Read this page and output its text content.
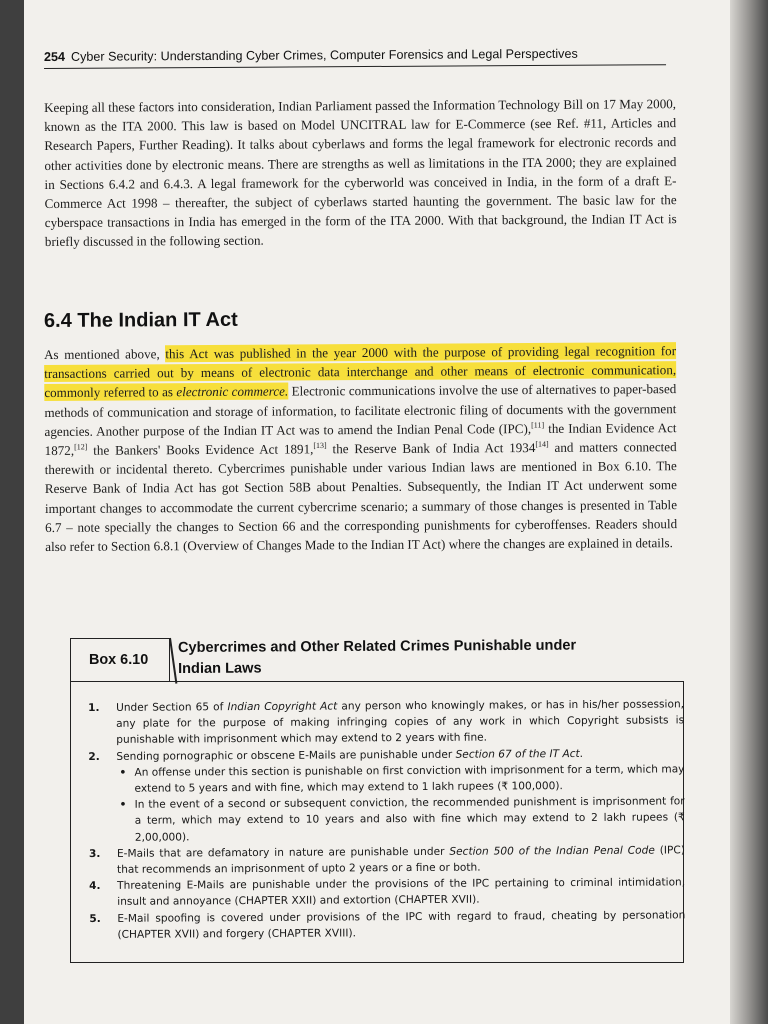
254 Cyber Security: Understanding Cyber Crimes, Computer Forensics and Legal Perspectives
Keeping all these factors into consideration, Indian Parliament passed the Information Technology Bill on 17 May 2000, known as the ITA 2000. This law is based on Model UNCITRAL law for E-Commerce (see Ref. #11, Articles and Research Papers, Further Reading). It talks about cyberlaws and forms the legal framework for electronic records and other activities done by electronic means. There are strengths as well as limitations in the ITA 2000; they are explained in Sections 6.4.2 and 6.4.3. A legal framework for the cyberworld was conceived in India, in the form of a draft E-Commerce Act 1998 – thereafter, the subject of cyberlaws started haunting the government. The basic law for the cyberspace transactions in India has emerged in the form of the ITA 2000. With that background, the Indian IT Act is briefly discussed in the following section.
6.4 The Indian IT Act
As mentioned above, this Act was published in the year 2000 with the purpose of providing legal recognition for transactions carried out by means of electronic data interchange and other means of electronic communication, commonly referred to as electronic commerce. Electronic communications involve the use of alternatives to paper-based methods of communication and storage of information, to facilitate electronic filing of documents with the government agencies. Another purpose of the Indian IT Act was to amend the Indian Penal Code (IPC),[11] the Indian Evidence Act 1872,[12] the Bankers' Books Evidence Act 1891,[13] the Reserve Bank of India Act 1934[14] and matters connected therewith or incidental thereto. Cybercrimes punishable under various Indian laws are mentioned in Box 6.10. The Reserve Bank of India Act has got Section 58B about Penalties. Subsequently, the Indian IT Act underwent some important changes to accommodate the current cybercrime scenario; a summary of those changes is presented in Table 6.7 – note specially the changes to Section 66 and the corresponding punishments for cyberoffenses. Readers should also refer to Section 6.8.1 (Overview of Changes Made to the Indian IT Act) where the changes are explained in details.
Box 6.10
Cybercrimes and Other Related Crimes Punishable under Indian Laws
1. Under Section 65 of Indian Copyright Act any person who knowingly makes, or has in his/her possession, any plate for the purpose of making infringing copies of any work in which Copyright subsists is punishable with imprisonment which may extend to 2 years with fine.
2. Sending pornographic or obscene E-Mails are punishable under Section 67 of the IT Act.
• An offense under this section is punishable on first conviction with imprisonment for a term, which may extend to 5 years and with fine, which may extend to 1 lakh rupees (₹ 100,000).
• In the event of a second or subsequent conviction, the recommended punishment is imprisonment for a term, which may extend to 10 years and also with fine which may extend to 2 lakh rupees (₹ 2,00,000).
3. E-Mails that are defamatory in nature are punishable under Section 500 of the Indian Penal Code (IPC) that recommends an imprisonment of upto 2 years or a fine or both.
4. Threatening E-Mails are punishable under the provisions of the IPC pertaining to criminal intimidation, insult and annoyance (CHAPTER XXII) and extortion (CHAPTER XVII).
5. E-Mail spoofing is covered under provisions of the IPC with regard to fraud, cheating by personation (CHAPTER XVII) and forgery (CHAPTER XVIII).
